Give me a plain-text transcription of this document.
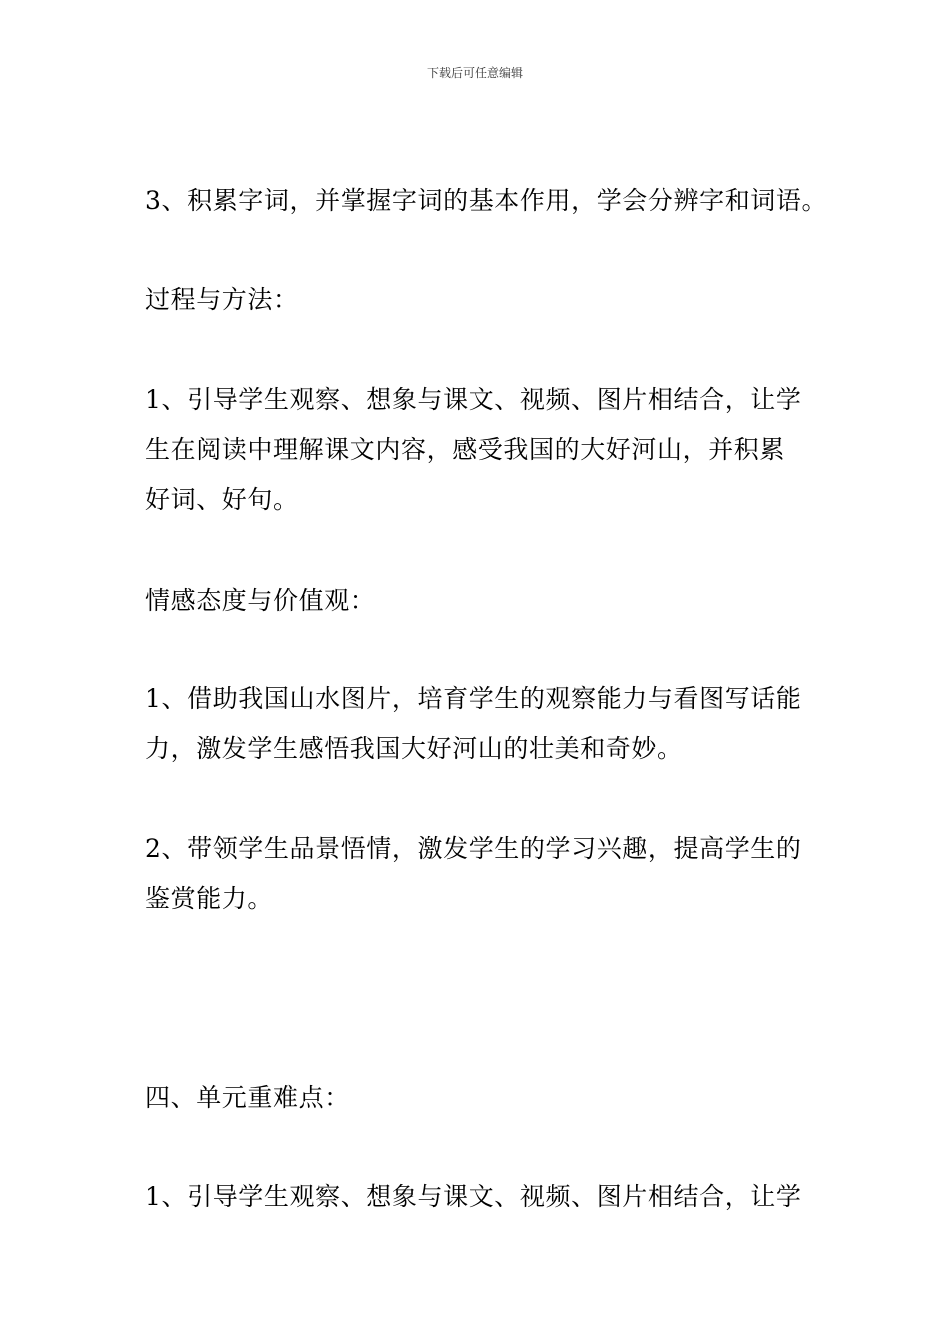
下载后可任意编辑
3、积累字词，并掌握字词的基本作用，学会分辨字和词语。
过程与方法：
1、引导学生观察、想象与课文、视频、图片相结合，让学
生在阅读中理解课文内容，感受我国的大好河山，并积累
好词、好句。
情感态度与价值观：
1、借助我国山水图片，培育学生的观察能力与看图写话能
力，激发学生感悟我国大好河山的壮美和奇妙。
2、带领学生品景悟情，激发学生的学习兴趣，提高学生的
鉴赏能力。
四、单元重难点：
1、引导学生观察、想象与课文、视频、图片相结合，让学
